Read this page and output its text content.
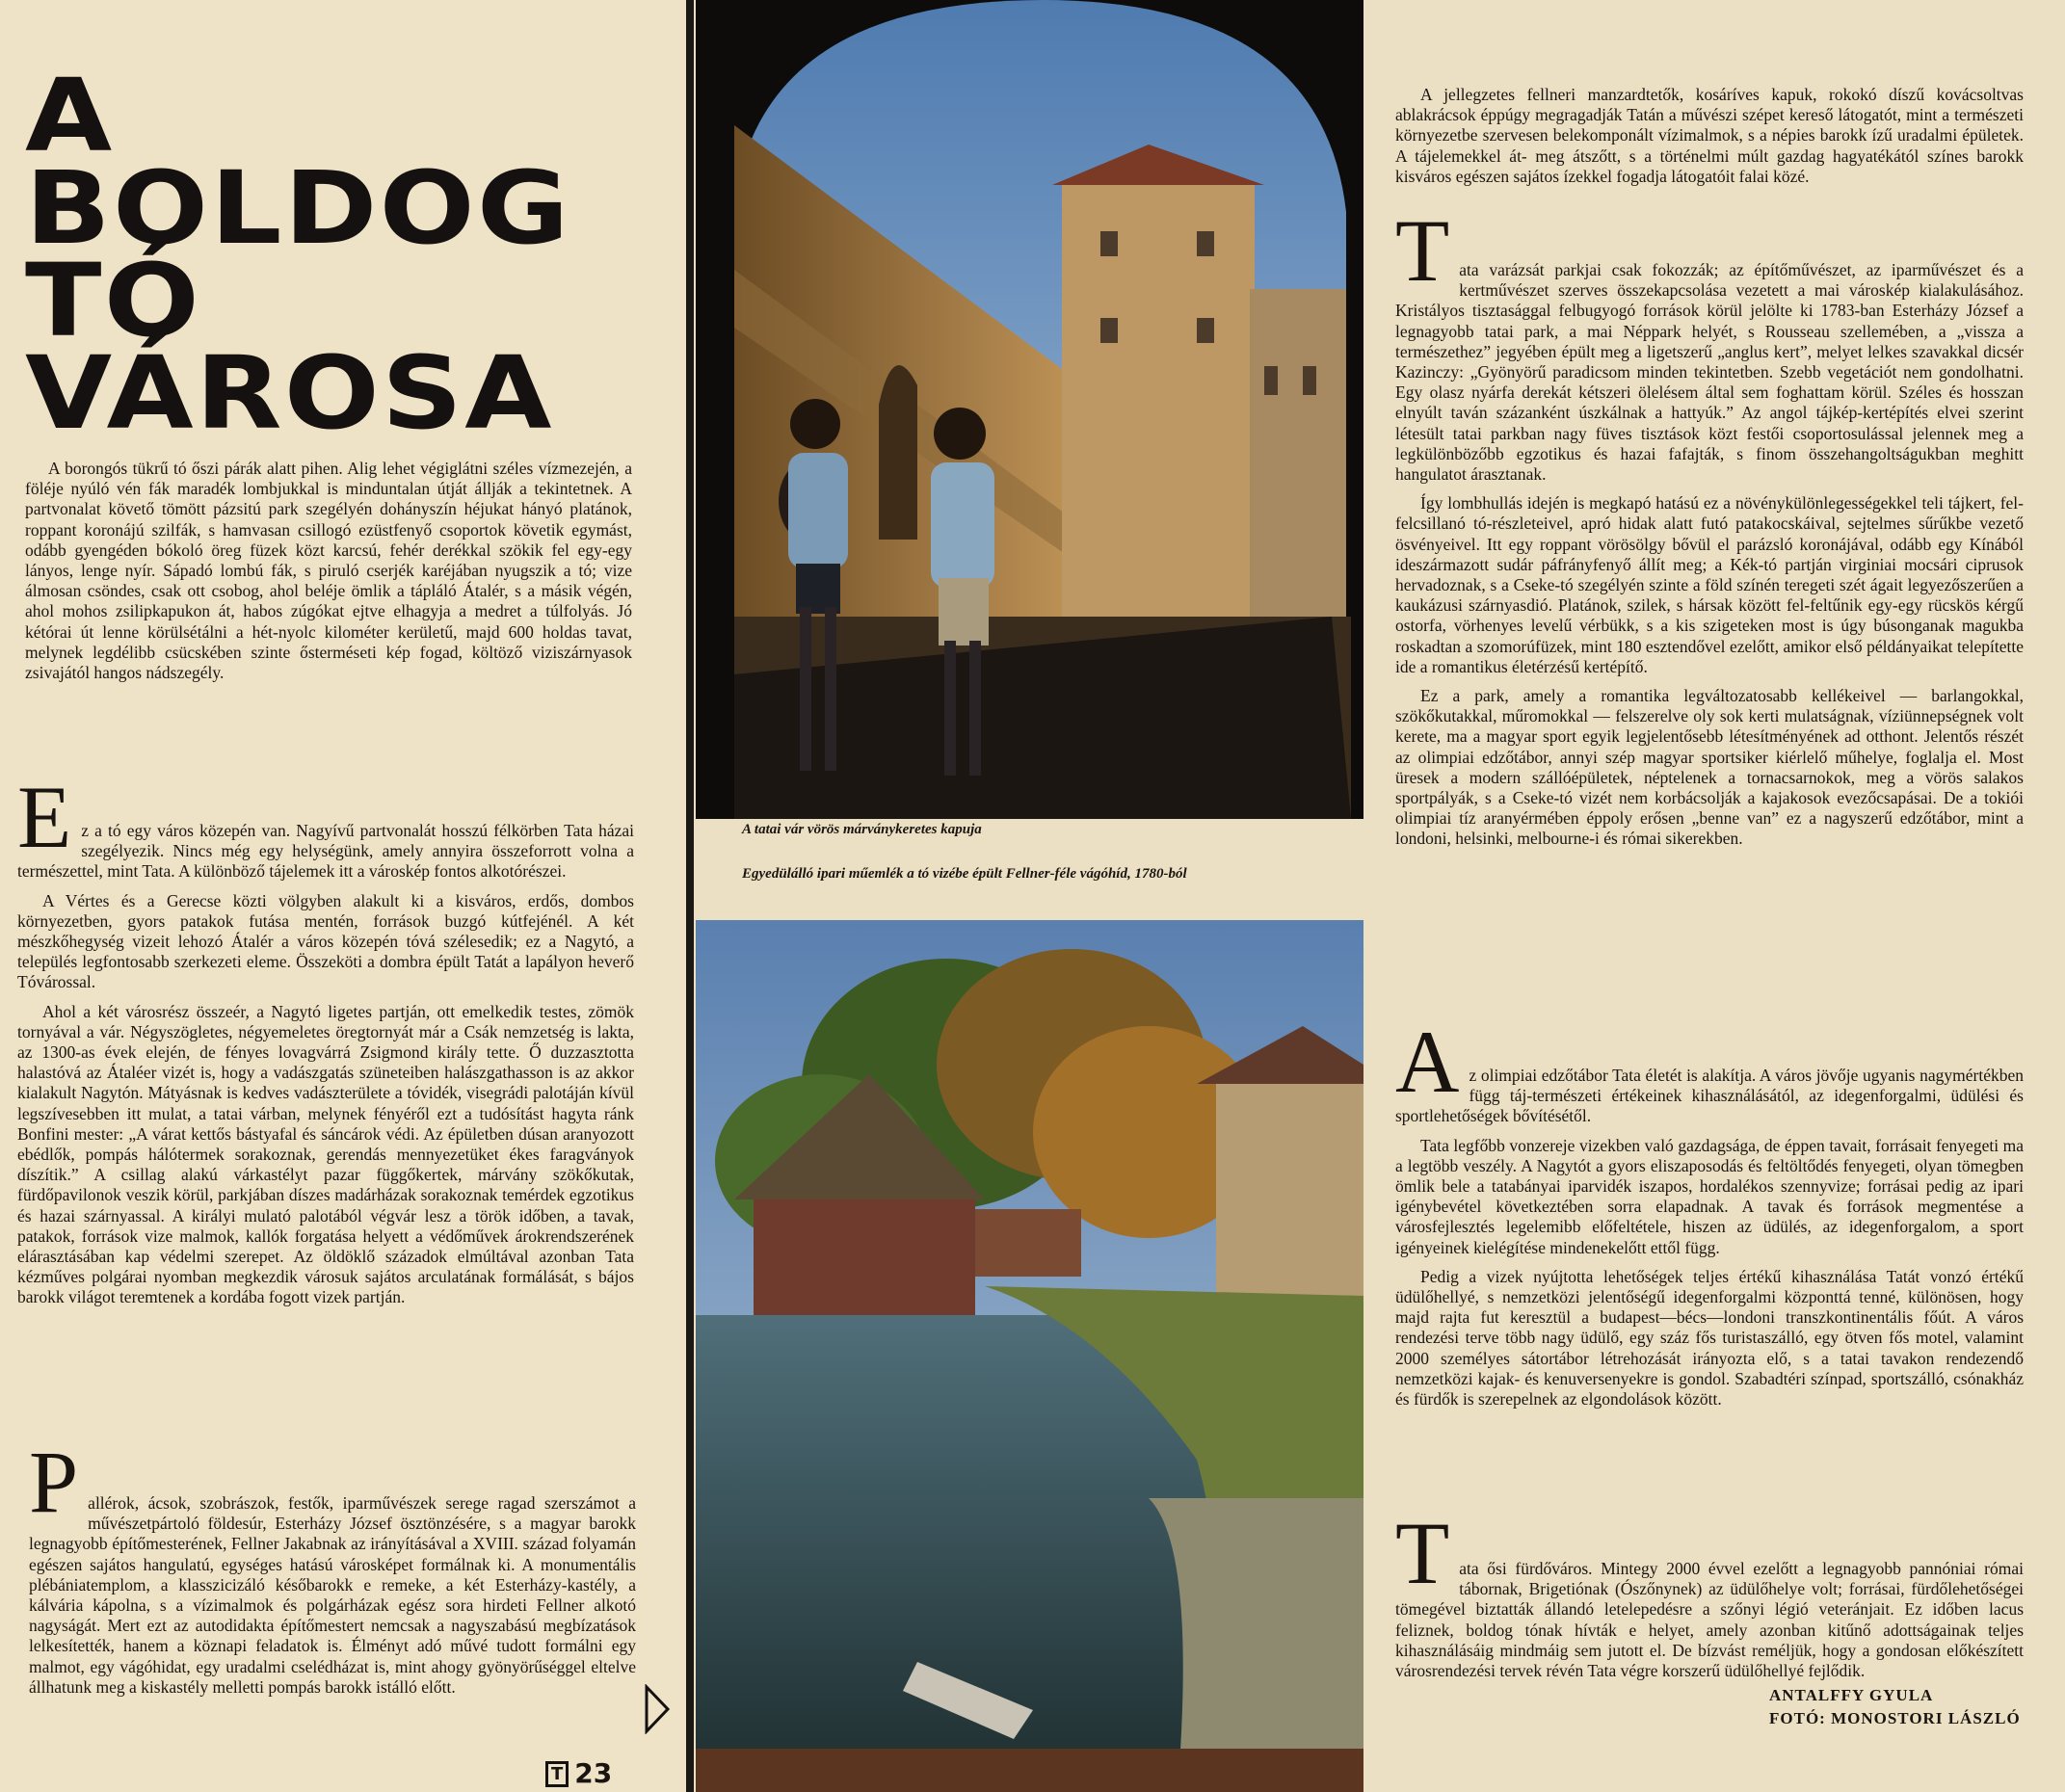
A
BOLDOG
TÓ
VÁROSA

A borongós tükrű tó őszi párák alatt pihen. Alig lehet végiglátni széles vízmezején, a föléje nyúló vén fák maradék lombjukkal is minduntalan útját állják a tekintetnek. A partvonalat követő tömött pázsitú park szegélyén dohányszín héjukat hányó platánok, roppant koronájú szilfák, s hamvasan csillogó ezüstfenyő csoportok követik egymást, odább gyengéden bókoló öreg füzek közt karcsú, fehér derékkal szökik fel egy-egy lányos, lenge nyír. Sápadó lombú fák, s piruló cserjék karéjában nyugszik a tó; vize álmosan csöndes, csak ott csobog, ahol beléje ömlik a tápláló Átalér, s a másik végén, ahol mohos zsilipkapukon át, habos zúgókat ejtve elhagyja a medret a túlfolyás. Jó kétórai út lenne körülsétálni a hét-nyolc kilométer kerületű, majd 600 holdas tavat, melynek legdélibb csücskében szinte ősterméseti kép fogad, költöző viziszárnyasok zsivajától hangos nádszegély.

E z a tó egy város közepén van. Nagyívű partvonalát hosszú félkörben Tata házai szegélyezik. Nincs még egy helységünk, amely annyira összeforrott volna a természettel, mint Tata. A különböző tájelemek itt a városkép fontos alkotórészei.

A Vértes és a Gerecse közti völgyben alakult ki a kisváros, erdős, dombos környezetben, gyors patakok futása mentén, források buzgó kútfejénél. A két mészkőhegység vizeit lehozó Átalér a város közepén tóvá szélesedik; ez a Nagytó, a település legfontosabb szerkezeti eleme. Összeköti a dombra épült Tatát a lapályon heverő Tóvárossal.

Ahol a két városrész összeér, a Nagytó ligetes partján, ott emelkedik testes, zömök tornyával a vár. Négyszögletes, négyemeletes öregtornyát már a Csák nemzetség is lakta, az 1300-as évek elején, de fényes lovagvárrá Zsigmond király tette. Ő duzzasztotta halastóvá az Átaléer vizét is, hogy a vadászgatás szüneteiben halászgathasson is az akkor kialakult Nagytón. Mátyásnak is kedves vadászterülete a tóvidék, visegrádi palotáján kívül legszívesebben itt mulat, a tatai várban, melynek fényéről ezt a tudósítást hagyta ránk Bonfini mester: „A várat kettős bástyafal és sáncárok védi. Az épületben dúsan aranyozott ebédlők, pompás hálótermek sorakoznak, gerendás mennyezetüket ékes faragványok díszítik.” A csillag alakú várkastélyt pazar függőkertek, márvány szökőkutak, fürdőpavilonok veszik körül, parkjában díszes madárházak sorakoznak temérdek egzotikus és hazai szárnyassal. A királyi mulató palotából végvár lesz a török időben, a tavak, patakok, források vize malmok, kallók forgatása helyett a védőművek árokrendszerének elárasztásában kap védelmi szerepet. Az öldöklő századok elmúltával azonban Tata kézműves polgárai nyomban megkezdik városuk sajátos arculatának formálását, s bájos barokk világot teremtenek a kordába fogott vizek partján.

P allérok, ácsok, szobrászok, festők, iparművészek serege ragad szerszámot a művészetpártoló földesúr, Esterházy József ösztönzésére, s a magyar barokk legnagyobb építőmesterének, Fellner Jakabnak az irányításával a XVIII. század folyamán egészen sajátos hangulatú, egységes hatású városképet formálnak ki. A monumentális plébániatemplom, a klasszicizáló későbarokk e remeke, a két Esterházy-kastély, a kálvária kápolna, s a vízimalmok és polgárházak egész sora hirdeti Fellner alkotó nagyságát. Mert ezt az autodidakta építőmestert nemcsak a nagyszabású megbízatások lelkesítették, hanem a köznapi feladatok is. Élményt adó művé tudott formálni egy malmot, egy vágóhidat, egy uradalmi cselédházat is, mint ahogy gyönyörűséggel eltelve állhatunk meg a kiskastély melletti pompás barokk istálló előtt.

T 23
A tatai vár vörös márványkeretes kapuja
Egyedülálló ipari műemlék a tó vizébe épült Fellner-féle vágóhíd, 1780-ból

A jellegzetes fellneri manzardtetők, kosáríves kapuk, rokokó díszű kovácsoltvas ablakrácsok éppúgy megragadják Tatán a művészi szépet kereső látogatót, mint a természeti környezetbe szervesen belekomponált vízimalmok, s a népies barokk ízű uradalmi épületek. A tájelemekkel át- meg átszőtt, s a történelmi múlt gazdag hagyatékától színes barokk kisváros egészen sajátos ízekkel fogadja látogatóit falai közé.

T ata varázsát parkjai csak fokozzák; az építőművészet, az iparművészet és a kertművészet szerves összekapcsolása vezetett a mai városkép kialakulásához. Kristályos tisztasággal felbugyogó források körül jelölte ki 1783-ban Esterházy József a legnagyobb tatai park, a mai Néppark helyét, s Rousseau szellemében, a „vissza a természethez” jegyében épült meg a ligetszerű „anglus kert”, melyet lelkes szavakkal dicsér Kazinczy: „Gyönyörű paradicsom minden tekintetben. Szebb vegetációt nem gondolhatni. Egy olasz nyárfa derekát kétszeri ölelésem által sem foghattam körül. Széles és hosszan elnyúlt taván százanként úszkálnak a hattyúk.” Az angol tájkép-kertépítés elvei szerint létesült tatai parkban nagy füves tisztások közt festői csoportosulással jelennek meg a legkülönbözőbb egzotikus és hazai fafajták, s finom összehangoltságukban meghitt hangulatot árasztanak.

Így lombhullás idején is megkapó hatású ez a növénykülönlegességekkel teli tájkert, fel-felcsillanó tó-részleteivel, apró hidak alatt futó patakocskáival, sejtelmes sűrűkbe vezető ösvényeivel. Itt egy roppant vörösölgy bővül el parázsló koronájával, odább egy Kínából ideszármazott sudár páfrányfenyő állít meg; a Kék-tó partján virginiai mocsári ciprusok hervadoznak, s a Cseke-tó szegélyén szinte a föld színén teregeti szét ágait legyezőszerűen a kaukázusi szárnyasdió. Platánok, szilek, s hársak között fel-feltűnik egy-egy rücskös kérgű ostorfa, vörhenyes levelű vérbükk, s a kis szigeteken most is úgy búsonganak magukba roskadtan a szomorúfüzek, mint 180 esztendővel ezelőtt, amikor első példányaikat telepítette ide a romantikus életérzésű kertépítő.

Ez a park, amely a romantika legváltozatosabb kellékeivel — barlangokkal, szökőkutakkal, műromokkal — felszerelve oly sok kerti mulatságnak, víziünnepségnek volt kerete, ma a magyar sport egyik legjelentősebb létesítményének ad otthont. Jelentős részét az olimpiai edzőtábor, annyi szép magyar sportsiker kiérlelő műhelye, foglalja el. Most üresek a modern szállóépületek, néptelenek a tornacsarnokok, meg a vörös salakos sportpályák, s a Cseke-tó vizét nem korbácsolják a kajakosok evezőcsapásai. De a tokiói olimpiai tíz aranyérmében éppoly erősen „benne van” ez a nagyszerű edzőtábor, mint a londoni, helsinki, melbourne-i és római sikerekben.

A z olimpiai edzőtábor Tata életét is alakítja. A város jövője ugyanis nagymértékben függ táj-természeti értékeinek kihasználásától, az idegenforgalmi, üdülési és sportlehetőségek bővítésétől.

Tata legfőbb vonzereje vizekben való gazdagsága, de éppen tavait, forrásait fenyegeti ma a legtöbb veszély. A Nagytót a gyors eliszaposodás és feltöltődés fenyegeti, olyan tömegben ömlik bele a tatabányai iparvidék iszapos, hordalékos szennyvize; forrásai pedig az ipari igénybevétel következtében sorra elapadnak. A tavak és források megmentése a városfejlesztés legelemibb előfeltétele, hiszen az üdülés, az idegenforgalom, a sport igényeinek kielégítése mindenekelőtt ettől függ.

Pedig a vizek nyújtotta lehetőségek teljes értékű kihasználása Tatát vonzó értékű üdülőhellyé, s nemzetközi jelentőségű idegenforgalmi központtá tenné, különösen, hogy majd rajta fut keresztül a budapest—bécs—londoni transzkontinentális főút. A város rendezési terve több nagy üdülő, egy száz fős turistaszálló, egy ötven fős motel, valamint 2000 személyes sátortábor létrehozását irányozta elő, s a tatai tavakon rendezendő nemzetközi kajak- és kenuversenyekre is gondol. Szabadtéri színpad, sportszálló, csónakház és fürdők is szerepelnek az elgondolások között.

T ata ősi fürdőváros. Mintegy 2000 évvel ezelőtt a legnagyobb pannóniai római tábornak, Brigetiónak (Ószőnynek) az üdülőhelye volt; forrásai, fürdőlehetőségei tömegével biztatták állandó letelepedésre a szőnyi légió veteránjait. Ez időben lacus feliznek, boldog tónak hívták e helyet, amely azonban kitűnő adottságainak teljes kihasználásáig mindmáig sem jutott el. De bízvást reméljük, hogy a gondosan előkészített városrendezési tervek révén Tata végre korszerű üdülőhellyé fejlődik.

ANTALFFY GYULA
FOTÓ: MONOSTORI LÁSZLÓ
